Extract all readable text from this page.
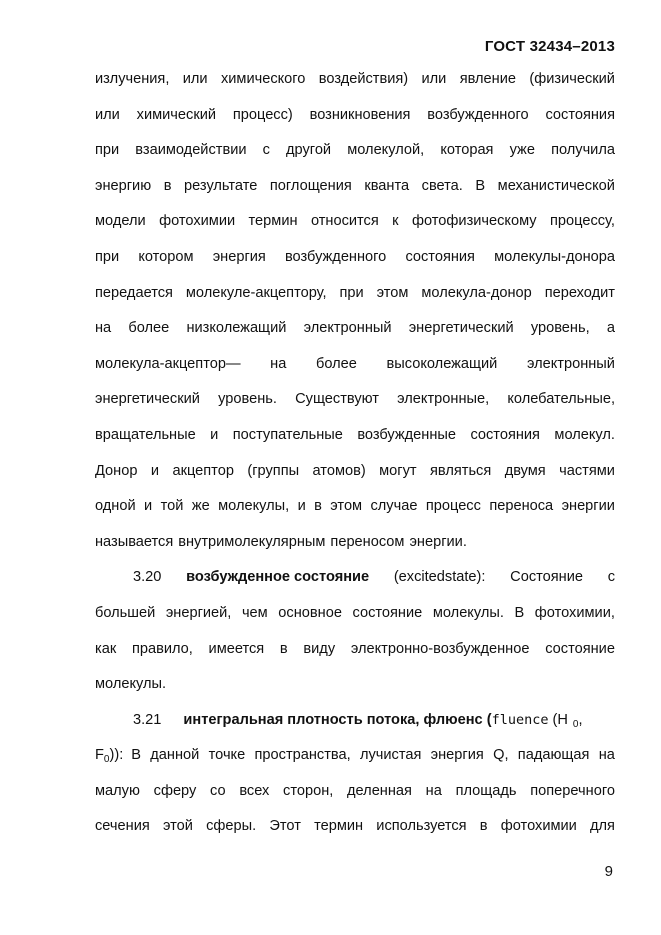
ГОСТ 32434–2013
излучения, или химического воздействия) или явление (физический
или химический процесс) возникновения возбужденного состояния
при взаимодействии с другой молекулой, которая уже получила
энергию в результате поглощения кванта света. В механистической
модели фотохимии термин относится к фотофизическому процессу,
при котором энергия возбужденного состояния молекулы-донора
передается молекуле-акцептору, при этом молекула-донор переходит
на более низколежащий электронный энергетический уровень, а
молекула-акцептор— на более высоколежащий электронный
энергетический уровень. Существуют электронные, колебательные,
вращательные и поступательные возбужденные состояния молекул.
Донор и акцептор (группы атомов) могут являться двумя частями
одной и той же молекулы, и в этом случае процесс переноса энергии
называется внутримолекулярным переносом энергии.
3.20 возбужденное состояние (excitedstate): Состояние с
большей энергией, чем основное состояние молекулы. В фотохимии,
как правило, имеется в виду электронно-возбужденное состояние
молекулы.
3.21 интегральная плотность потока, флюенс ( fluence (H $_0$,
$F_0$)): В данной точке пространства, лучистая энергия Q, падающая на
малую сферу со всех сторон, деленная на площадь поперечного
сечения этой сферы. Этот термин используется в фотохимии для
9
